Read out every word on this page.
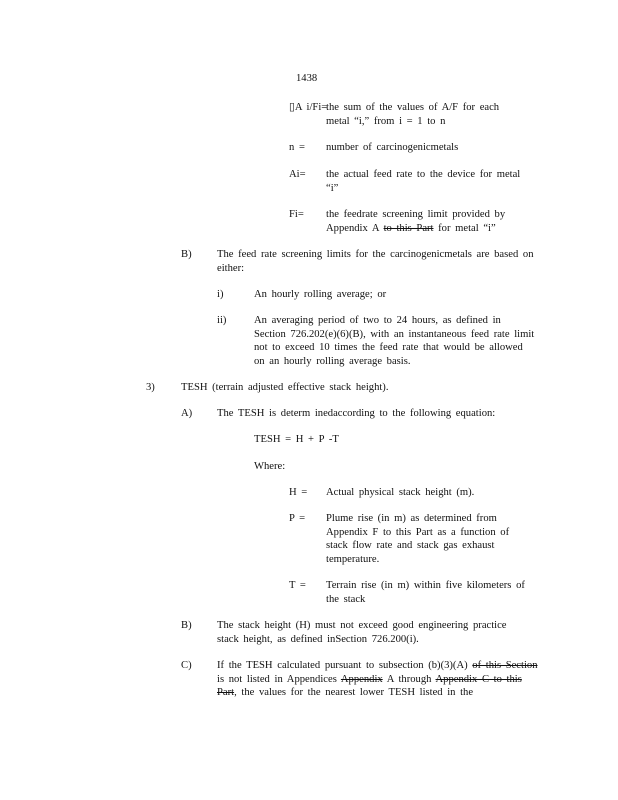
1438
▯A i/Fi=
the sum of the values of A/F for each metal “i,” from i = 1 to n
n = number of carcinogenicmetals
Ai= the actual feed rate to the device for metal “i”
Fi= the feedrate screening limit provided by Appendix A to this Part for metal “i”
B) The feed rate screening limits for the carcinogenicmetals are based on either:
i)	An hourly rolling average; or
ii)	An averaging period of two to 24 hours, as defined in Section 726.202(e)(6)(B), with an instantaneous feed rate limit not to exceed 10 times the feed rate that would be allowed on an hourly rolling average basis.
3) TESH (terrain adjusted effective stack height).
A) The TESH is determ inedaccording to the following equation:
TESH = H + P -T
Where:
H = Actual physical stack height (m).
P = Plume rise (in m) as determined from Appendix F to this Part as a function of stack flow rate and stack gas exhaust temperature.
T = Terrain rise (in m) within five kilometers of the stack
B) The stack height (H) must not exceed good engineering practice stack height, as defined inSection 726.200(i).
C) If the TESH calculated pursuant to subsection (b)(3)(A) of this Section is not listed in Appendices Appendix A through Appendix C to this Part, the values for the nearest lower TESH listed in the
